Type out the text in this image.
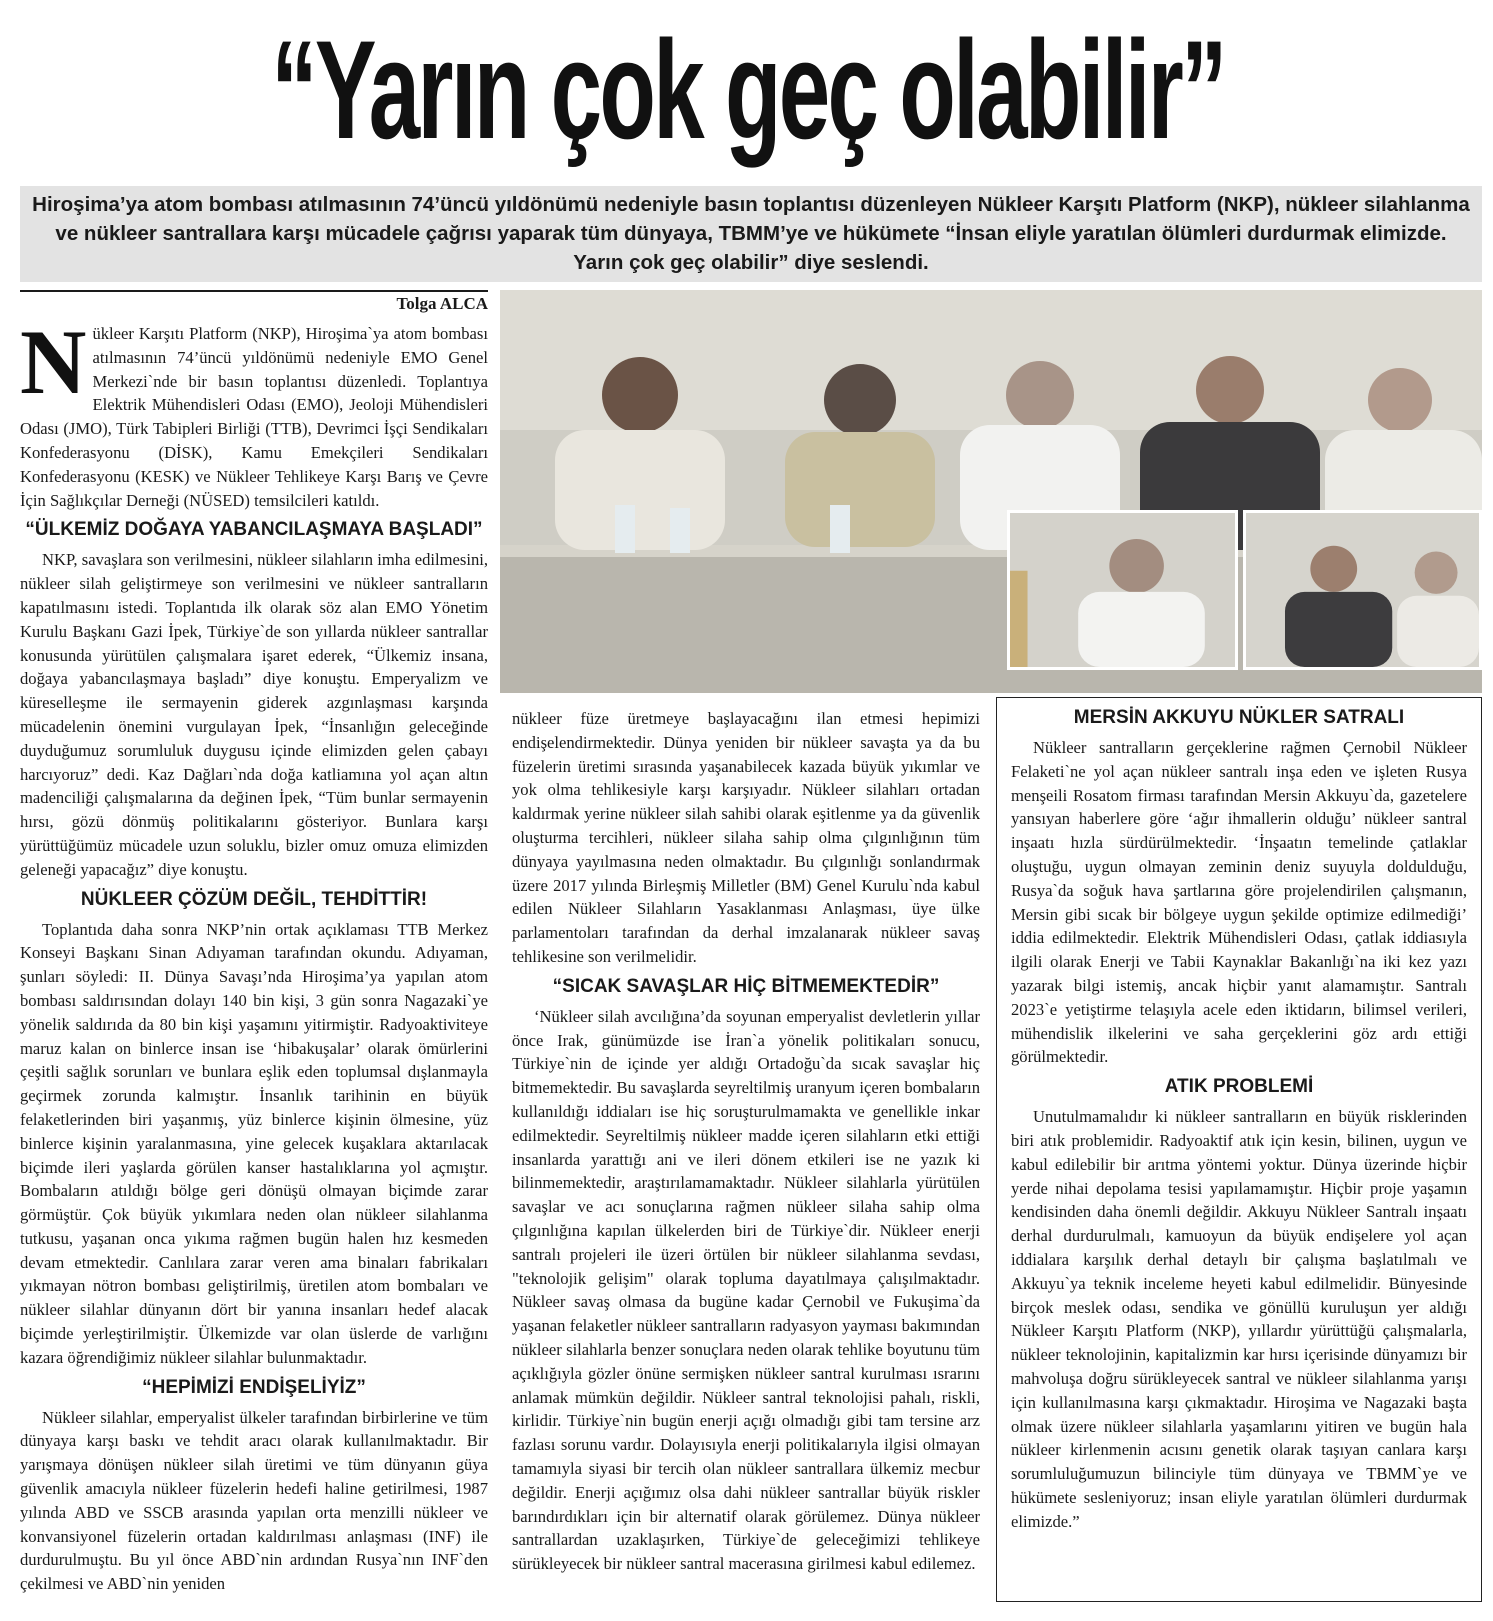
“Yarın çok geç olabilir”
Hiroşima’ya atom bombası atılmasının 74’üncü yıldönümü nedeniyle basın toplantısı düzenleyen Nükleer Karşıtı Platform (NKP), nükleer silahlanma ve nükleer santrallara karşı mücadele çağrısı yaparak tüm dünyaya, TBMM’ye ve hükümete “İnsan eliyle yaratılan ölümleri durdurmak elimizde. Yarın çok geç olabilir” diye seslendi.
Tolga ALCA

Nükleer Karşıtı Platform (NKP), Hiroşima`ya atom bombası atılmasının 74’üncü yıldönümü nedeniyle EMO Genel Merkezi`nde bir basın toplantısı düzenledi. Toplantıya Elektrik Mühendisleri Odası (EMO), Jeoloji Mühendisleri Odası (JMO), Türk Tabipleri Birliği (TTB), Devrimci İşçi Sendikaları Konfederasyonu (DİSK), Kamu Emekçileri Sendikaları Konfederasyonu (KESK) ve Nükleer Tehlikeye Karşı Barış ve Çevre İçin Sağlıkçılar Derneği (NÜSED) temsilcileri katıldı.

“ÜLKEMİZ DOĞAYA YABANCILAŞMAYA BAŞLADI”

NKP, savaşlara son verilmesini, nükleer silahların imha edilmesini, nükleer silah geliştirmeye son verilmesini ve nükleer santralların kapatılmasını istedi. Toplantıda ilk olarak söz alan EMO Yönetim Kurulu Başkanı Gazi İpek, Türkiye`de son yıllarda nükleer santrallar konusunda yürütülen çalışmalara işaret ederek, “Ülkemiz insana, doğaya yabancılaşmaya başladı” diye konuştu. Emperyalizm ve küreselleşme ile sermayenin giderek azgınlaşması karşında mücadelenin önemini vurgulayan İpek, “İnsanlığın geleceğinde duyduğumuz sorumluluk duygusu içinde elimizden gelen çabayı harcıyoruz” dedi. Kaz Dağları`nda doğa katliamına yol açan altın madenciliği çalışmalarına da değinen İpek, “Tüm bunlar sermayenin hırsı, gözü dönmüş politikalarını gösteriyor. Bunlara karşı yürüttüğümüz mücadele uzun soluklu, bizler omuz omuza elimizden geleneği yapacağız” diye konuştu.

NÜKLEER ÇÖZÜM DEĞİL, TEHDİTTİR!

Toplantıda daha sonra NKP’nin ortak açıklaması TTB Merkez Konseyi Başkanı Sinan Adıyaman tarafından okundu. Adıyaman, şunları söyledi: II. Dünya Savaşı’nda Hiroşima’ya yapılan atom bombası saldırısından dolayı 140 bin kişi, 3 gün sonra Nagazaki`ye yönelik saldırıda da 80 bin kişi yaşamını yitirmiştir. Radyoaktiviteye maruz kalan on binlerce insan ise ‘hibakuşalar’ olarak ömürlerini çeşitli sağlık sorunları ve bunlara eşlik eden toplumsal dışlanmayla geçirmek zorunda kalmıştır. İnsanlık tarihinin en büyük felaketlerinden biri yaşanmış, yüz binlerce kişinin ölmesine, yüz binlerce kişinin yaralanmasına, yine gelecek kuşaklara aktarılacak biçimde ileri yaşlarda görülen kanser hastalıklarına yol açmıştır. Bombaların atıldığı bölge geri dönüşü olmayan biçimde zarar görmüştür. Çok büyük yıkımlara neden olan nükleer silahlanma tutkusu, yaşanan onca yıkıma rağmen bugün halen hız kesmeden devam etmektedir. Canlılara zarar veren ama binaları fabrikaları yıkmayan nötron bombası geliştirilmiş, üretilen atom bombaları ve nükleer silahlar dünyanın dört bir yanına insanları hedef alacak biçimde yerleştirilmiştir. Ülkemizde var olan üslerde de varlığını kazara öğrendiğimiz nükleer silahlar bulunmaktadır.

“HEPİMİZİ ENDİŞELİYİZ”

Nükleer silahlar, emperyalist ülkeler tarafından birbirlerine ve tüm dünyaya karşı baskı ve tehdit aracı olarak kullanılmaktadır. Bir yarışmaya dönüşen nükleer silah üretimi ve tüm dünyanın güya güvenlik amacıyla nükleer füzelerin hedefi haline getirilmesi, 1987 yılında ABD ve SSCB arasında yapılan orta menzilli nükleer ve konvansiyonel füzelerin ortadan kaldırılması anlaşması (INF) ile durdurulmuştu. Bu yıl önce ABD`nin ardından Rusya`nın INF`den çekilmesi ve ABD`nin yeniden

nükleer füze üretmeye başlayacağını ilan etmesi hepimizi endişelendirmektedir. Dünya yeniden bir nükleer savaşta ya da bu füzelerin üretimi sırasında yaşanabilecek kazada büyük yıkımlar ve yok olma tehlikesiyle karşı karşıyadır. Nükleer silahları ortadan kaldırmak yerine nükleer silah sahibi olarak eşitlenme ya da güvenlik oluşturma tercihleri, nükleer silaha sahip olma çılgınlığının tüm dünyaya yayılmasına neden olmaktadır. Bu çılgınlığı sonlandırmak üzere 2017 yılında Birleşmiş Milletler (BM) Genel Kurulu`nda kabul edilen Nükleer Silahların Yasaklanması Anlaşması, üye ülke parlamentoları tarafından da derhal imzalanarak nükleer savaş tehlikesine son verilmelidir.

“SICAK SAVAŞLAR HİÇ BİTMEMEKTEDİR”

‘Nükleer silah avcılığına’da soyunan emperyalist devletlerin yıllar önce Irak, günümüzde ise İran`a yönelik politikaları sonucu, Türkiye`nin de içinde yer aldığı Ortadoğu`da sıcak savaşlar hiç bitmemektedir. Bu savaşlarda seyreltilmiş uranyum içeren bombaların kullanıldığı iddiaları ise hiç soruşturulmamakta ve genellikle inkar edilmektedir. Seyreltilmiş nükleer madde içeren silahların etki ettiği insanlarda yarattığı ani ve ileri dönem etkileri ise ne yazık ki bilinmemektedir, araştırılamamaktadır. Nükleer silahlarla yürütülen savaşlar ve acı sonuçlarına rağmen nükleer silaha sahip olma çılgınlığına kapılan ülkelerden biri de Türkiye`dir. Nükleer enerji santralı projeleri ile üzeri örtülen bir nükleer silahlanma sevdası, "teknolojik gelişim" olarak topluma dayatılmaya çalışılmaktadır. Nükleer savaş olmasa da bugüne kadar Çernobil ve Fukuşima`da yaşanan felaketler nükleer santralların radyasyon yayması bakımından nükleer silahlarla benzer sonuçlara neden olarak tehlike boyutunu tüm açıklığıyla gözler önüne sermişken nükleer santral kurulması ısrarını anlamak mümkün değildir. Nükleer santral teknolojisi pahalı, riskli, kirlidir. Türkiye`nin bugün enerji açığı olmadığı gibi tam tersine arz fazlası sorunu vardır. Dolayısıyla enerji politikalarıyla ilgisi olmayan tamamıyla siyasi bir tercih olan nükleer santrallara ülkemiz mecbur değildir. Enerji açığımız olsa dahi nükleer santrallar büyük riskler barındırdıkları için bir alternatif olarak görülemez. Dünya nükleer santrallardan uzaklaşırken, Türkiye`de geleceğimizi tehlikeye sürükleyecek bir nükleer santral macerasına girilmesi kabul edilemez.

MERSİN AKKUYU NÜKLER SATRALI

Nükleer santralların gerçeklerine rağmen Çernobil Nükleer Felaketi`ne yol açan nükleer santralı inşa eden ve işleten Rusya menşeili Rosatom firması tarafından Mersin Akkuyu`da, gazetelere yansıyan haberlere göre ‘ağır ihmallerin olduğu’ nükleer santral inşaatı hızla sürdürülmektedir. ‘İnşaatın temelinde çatlaklar oluştuğu, uygun olmayan zeminin deniz suyuyla doldulduğu, Rusya`da soğuk hava şartlarına göre projelendirilen çalışmanın, Mersin gibi sıcak bir bölgeye uygun şekilde optimize edilmediği’ iddia edilmektedir. Elektrik Mühendisleri Odası, çatlak iddiasıyla ilgili olarak Enerji ve Tabii Kaynaklar Bakanlığı`na iki kez yazı yazarak bilgi istemiş, ancak hiçbir yanıt alamamıştır. Santralı 2023`e yetiştirme telaşıyla acele eden iktidarın, bilimsel verileri, mühendislik ilkelerini ve saha gerçeklerini göz ardı ettiği görülmektedir.

ATIK PROBLEMİ

Unutulmamalıdır ki nükleer santralların en büyük risklerinden biri atık problemidir. Radyoaktif atık için kesin, bilinen, uygun ve kabul edilebilir bir arıtma yöntemi yoktur. Dünya üzerinde hiçbir yerde nihai depolama tesisi yapılamamıştır. Hiçbir proje yaşamın kendisinden daha önemli değildir. Akkuyu Nükleer Santralı inşaatı derhal durdurulmalı, kamuoyun da büyük endişelere yol açan iddialara karşılık derhal detaylı bir çalışma başlatılmalı ve Akkuyu`ya teknik inceleme heyeti kabul edilmelidir. Bünyesinde birçok meslek odası, sendika ve gönüllü kuruluşun yer aldığı Nükleer Karşıtı Platform (NKP), yıllardır yürüttüğü çalışmalarla, nükleer teknolojinin, kapitalizmin kar hırsı içerisinde dünyamızı bir mahvoluşa doğru sürükleyecek santral ve nükleer silahlanma yarışı için kullanılmasına karşı çıkmaktadır. Hiroşima ve Nagazaki başta olmak üzere nükleer silahlarla yaşamlarını yitiren ve bugün hala nükleer kirlenmenin acısını genetik olarak taşıyan canlara karşı sorumluluğumuzun bilinciyle tüm dünyaya ve TBMM`ye ve hükümete sesleniyoruz; insan eliyle yaratılan ölümleri durdurmak elimizde.”
